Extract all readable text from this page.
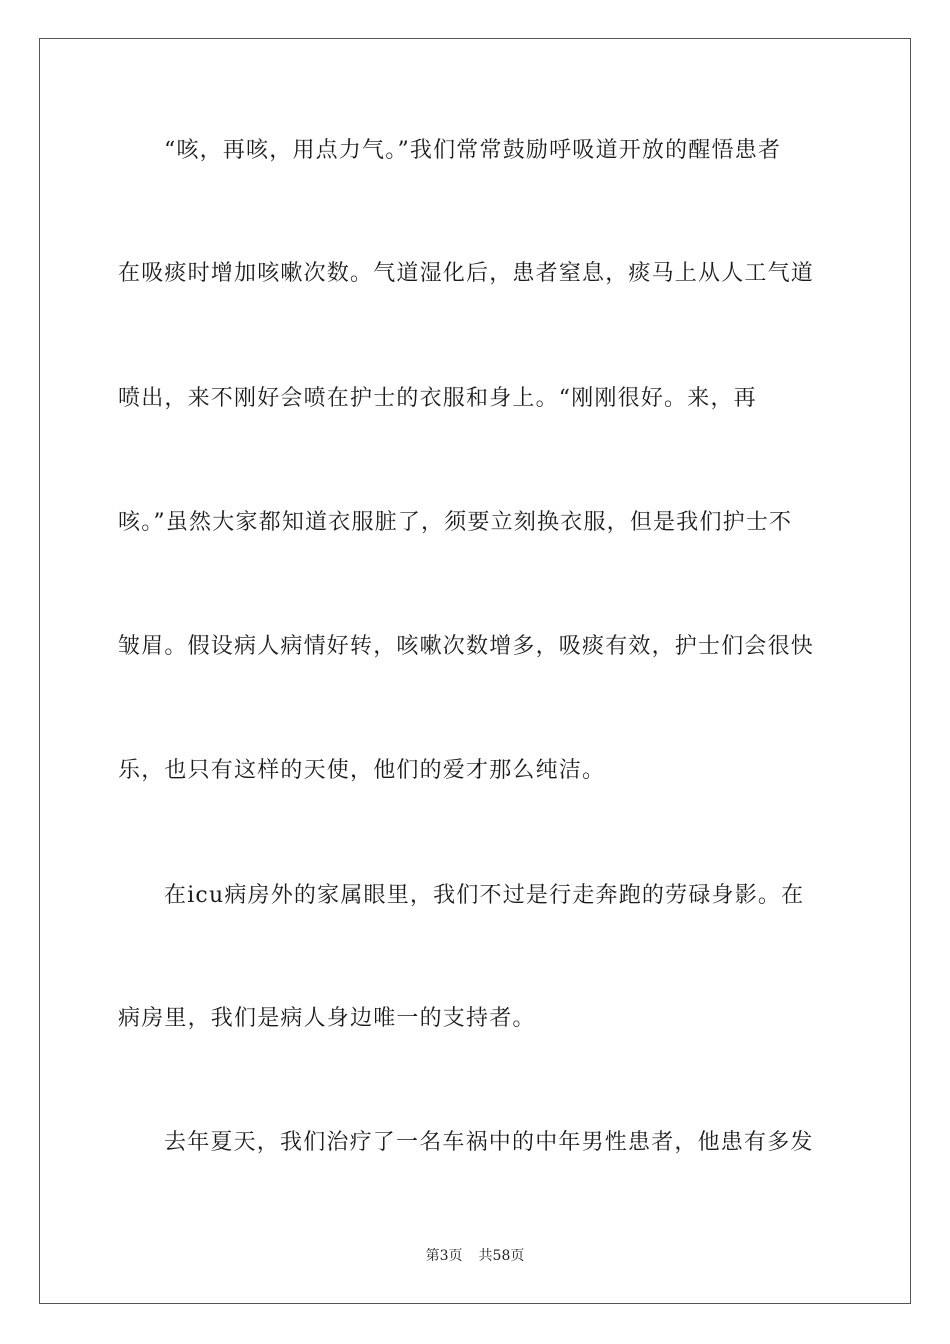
“咳，再咳，用点力气。”我们常常鼓励呼吸道开放的醒悟患者
在吸痰时增加咳嗽次数。气道湿化后，患者窒息，痰马上从人工气道
喷出，来不刚好会喷在护士的衣服和身上。“刚刚很好。来，再
咳。”虽然大家都知道衣服脏了，须要立刻换衣服，但是我们护士不
皱眉。假设病人病情好转，咳嗽次数增多，吸痰有效，护士们会很快
乐，也只有这样的天使，他们的爱才那么纯洁。
在icu病房外的家属眼里，我们不过是行走奔跑的劳碌身影。在
病房里，我们是病人身边唯一的支持者。
去年夏天，我们治疗了一名车祸中的中年男性患者，他患有多发
第3页 共58页
